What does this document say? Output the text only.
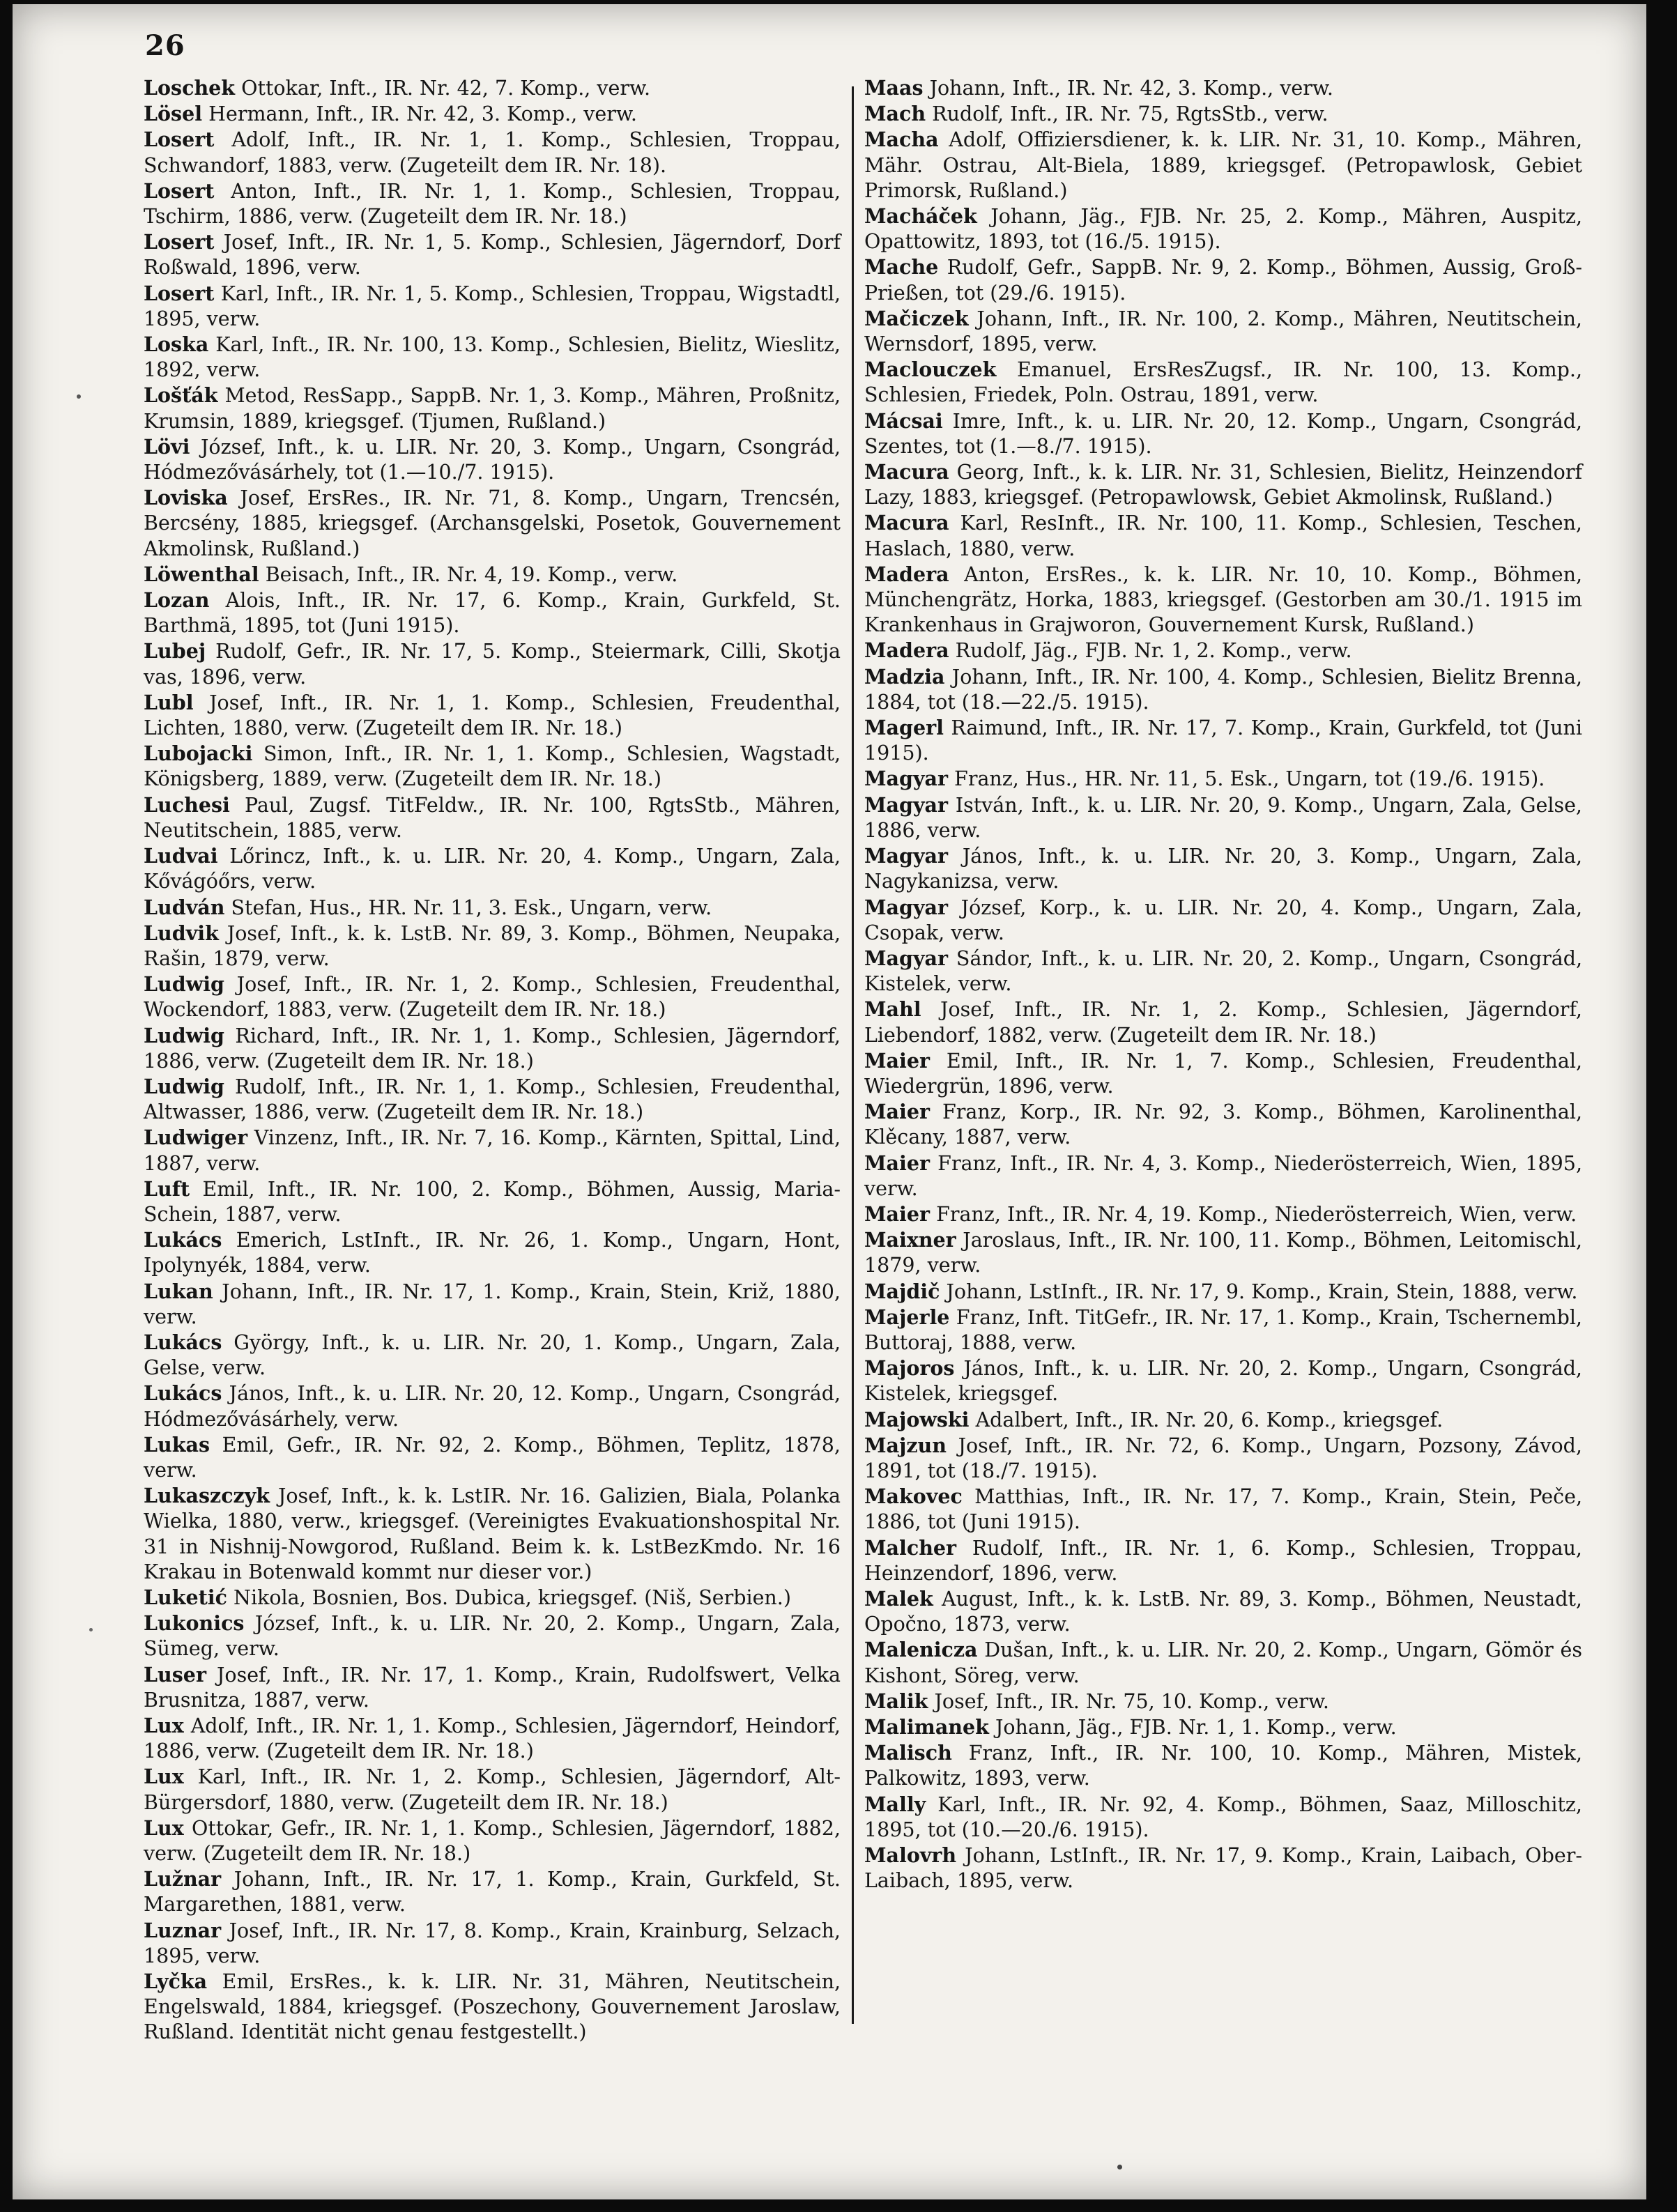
26
Loschek Ottokar, Inft., IR. Nr. 42, 7. Komp., verw.
Lösel Hermann, Inft., IR. Nr. 42, 3. Komp., verw.
Losert Adolf, Inft., IR. Nr. 1, 1. Komp., Schlesien, Troppau, Schwandorf, 1883, verw. (Zugeteilt dem IR. Nr. 18).
Losert Anton, Inft., IR. Nr. 1, 1. Komp., Schlesien, Troppau, Tschirm, 1886, verw. (Zugeteilt dem IR. Nr. 18.)
Losert Josef, Inft., IR. Nr. 1, 5. Komp., Schlesien, Jägerndorf, Dorf Roßwald, 1896, verw.
Losert Karl, Inft., IR. Nr. 1, 5. Komp., Schlesien, Troppau, Wigstadtl, 1895, verw.
Loska Karl, Inft., IR. Nr. 100, 13. Komp., Schlesien, Bielitz, Wieslitz, 1892, verw.
Lošťák Metod, ResSapp., SappB. Nr. 1, 3. Komp., Mähren, Proßnitz, Krumsin, 1889, kriegsgef. (Tjumen, Rußland.)
Lövi József, Inft., k. u. LIR. Nr. 20, 3. Komp., Ungarn, Csongrád, Hódmezővásárhely, tot (1.—10./7. 1915).
Loviska Josef, ErsRes., IR. Nr. 71, 8. Komp., Ungarn, Trencsén, Bercsény, 1885, kriegsgef. (Archansgelski, Posetok, Gouvernement Akmolinsk, Rußland.)
Löwenthal Beisach, Inft., IR. Nr. 4, 19. Komp., verw.
Lozan Alois, Inft., IR. Nr. 17, 6. Komp., Krain, Gurkfeld, St. Barthmä, 1895, tot (Juni 1915).
Lubej Rudolf, Gefr., IR. Nr. 17, 5. Komp., Steiermark, Cilli, Skotja vas, 1896, verw.
Lubl Josef, Inft., IR. Nr. 1, 1. Komp., Schlesien, Freudenthal, Lichten, 1880, verw. (Zugeteilt dem IR. Nr. 18.)
Lubojacki Simon, Inft., IR. Nr. 1, 1. Komp., Schlesien, Wagstadt, Königsberg, 1889, verw. (Zugeteilt dem IR. Nr. 18.)
Luchesi Paul, Zugsf. TitFeldw., IR. Nr. 100, RgtsStb., Mähren, Neutitschein, 1885, verw.
Ludvai Lőrincz, Inft., k. u. LIR. Nr. 20, 4. Komp., Ungarn, Zala, Kővágóőrs, verw.
Ludván Stefan, Hus., HR. Nr. 11, 3. Esk., Ungarn, verw.
Ludvik Josef, Inft., k. k. LstB. Nr. 89, 3. Komp., Böhmen, Neupaka, Rašin, 1879, verw.
Ludwig Josef, Inft., IR. Nr. 1, 2. Komp., Schlesien, Freudenthal, Wockendorf, 1883, verw. (Zugeteilt dem IR. Nr. 18.)
Ludwig Richard, Inft., IR. Nr. 1, 1. Komp., Schlesien, Jägerndorf, 1886, verw. (Zugeteilt dem IR. Nr. 18.)
Ludwig Rudolf, Inft., IR. Nr. 1, 1. Komp., Schlesien, Freudenthal, Altwasser, 1886, verw. (Zugeteilt dem IR. Nr. 18.)
Ludwiger Vinzenz, Inft., IR. Nr. 7, 16. Komp., Kärnten, Spittal, Lind, 1887, verw.
Luft Emil, Inft., IR. Nr. 100, 2. Komp., Böhmen, Aussig, Maria-Schein, 1887, verw.
Lukács Emerich, LstInft., IR. Nr. 26, 1. Komp., Ungarn, Hont, Ipolynyék, 1884, verw.
Lukan Johann, Inft., IR. Nr. 17, 1. Komp., Krain, Stein, Križ, 1880, verw.
Lukács György, Inft., k. u. LIR. Nr. 20, 1. Komp., Ungarn, Zala, Gelse, verw.
Lukács János, Inft., k. u. LIR. Nr. 20, 12. Komp., Ungarn, Csongrád, Hódmezővásárhely, verw.
Lukas Emil, Gefr., IR. Nr. 92, 2. Komp., Böhmen, Teplitz, 1878, verw.
Lukaszczyk Josef, Inft., k. k. LstIR. Nr. 16. Galizien, Biala, Polanka Wielka, 1880, verw., kriegsgef. (Vereinigtes Evakuationshospital Nr. 31 in Nishnij-Nowgorod, Rußland. Beim k. k. LstBezKmdo. Nr. 16 Krakau in Botenwald kommt nur dieser vor.)
Luketić Nikola, Bosnien, Bos. Dubica, kriegsgef. (Niš, Serbien.)
Lukonics József, Inft., k. u. LIR. Nr. 20, 2. Komp., Ungarn, Zala, Sümeg, verw.
Luser Josef, Inft., IR. Nr. 17, 1. Komp., Krain, Rudolfswert, Velka Brusnitza, 1887, verw.
Lux Adolf, Inft., IR. Nr. 1, 1. Komp., Schlesien, Jägerndorf, Heindorf, 1886, verw. (Zugeteilt dem IR. Nr. 18.)
Lux Karl, Inft., IR. Nr. 1, 2. Komp., Schlesien, Jägerndorf, Alt-Bürgersdorf, 1880, verw. (Zugeteilt dem IR. Nr. 18.)
Lux Ottokar, Gefr., IR. Nr. 1, 1. Komp., Schlesien, Jägerndorf, 1882, verw. (Zugeteilt dem IR. Nr. 18.)
Lužnar Johann, Inft., IR. Nr. 17, 1. Komp., Krain, Gurkfeld, St. Margarethen, 1881, verw.
Luznar Josef, Inft., IR. Nr. 17, 8. Komp., Krain, Krainburg, Selzach, 1895, verw.
Lyčka Emil, ErsRes., k. k. LIR. Nr. 31, Mähren, Neutitschein, Engelswald, 1884, kriegsgef. (Poszechony, Gouvernement Jaroslaw, Rußland. Identität nicht genau festgestellt.)
Maas Johann, Inft., IR. Nr. 42, 3. Komp., verw.
Mach Rudolf, Inft., IR. Nr. 75, RgtsStb., verw.
Macha Adolf, Offiziersdiener, k. k. LIR. Nr. 31, 10. Komp., Mähren, Mähr. Ostrau, Alt-Biela, 1889, kriegsgef. (Petropawlosk, Gebiet Primorsk, Rußland.)
Macháček Johann, Jäg., FJB. Nr. 25, 2. Komp., Mähren, Auspitz, Opattowitz, 1893, tot (16./5. 1915).
Mache Rudolf, Gefr., SappB. Nr. 9, 2. Komp., Böhmen, Aussig, Groß-Prießen, tot (29./6. 1915).
Mačiczek Johann, Inft., IR. Nr. 100, 2. Komp., Mähren, Neutitschein, Wernsdorf, 1895, verw.
Maclouczek Emanuel, ErsResZugsf., IR. Nr. 100, 13. Komp., Schlesien, Friedek, Poln. Ostrau, 1891, verw.
Mácsai Imre, Inft., k. u. LIR. Nr. 20, 12. Komp., Ungarn, Csongrád, Szentes, tot (1.—8./7. 1915).
Macura Georg, Inft., k. k. LIR. Nr. 31, Schlesien, Bielitz, Heinzendorf Lazy, 1883, kriegsgef. (Petropawlowsk, Gebiet Akmolinsk, Rußland.)
Macura Karl, ResInft., IR. Nr. 100, 11. Komp., Schlesien, Teschen, Haslach, 1880, verw.
Madera Anton, ErsRes., k. k. LIR. Nr. 10, 10. Komp., Böhmen, Münchengrätz, Horka, 1883, kriegsgef. (Gestorben am 30./1. 1915 im Krankenhaus in Grajworon, Gouvernement Kursk, Rußland.)
Madera Rudolf, Jäg., FJB. Nr. 1, 2. Komp., verw.
Madzia Johann, Inft., IR. Nr. 100, 4. Komp., Schlesien, Bielitz Brenna, 1884, tot (18.—22./5. 1915).
Magerl Raimund, Inft., IR. Nr. 17, 7. Komp., Krain, Gurkfeld, tot (Juni 1915).
Magyar Franz, Hus., HR. Nr. 11, 5. Esk., Ungarn, tot (19./6. 1915).
Magyar István, Inft., k. u. LIR. Nr. 20, 9. Komp., Ungarn, Zala, Gelse, 1886, verw.
Magyar János, Inft., k. u. LIR. Nr. 20, 3. Komp., Ungarn, Zala, Nagykanizsa, verw.
Magyar József, Korp., k. u. LIR. Nr. 20, 4. Komp., Ungarn, Zala, Csopak, verw.
Magyar Sándor, Inft., k. u. LIR. Nr. 20, 2. Komp., Ungarn, Csongrád, Kistelek, verw.
Mahl Josef, Inft., IR. Nr. 1, 2. Komp., Schlesien, Jägerndorf, Liebendorf, 1882, verw. (Zugeteilt dem IR. Nr. 18.)
Maier Emil, Inft., IR. Nr. 1, 7. Komp., Schlesien, Freudenthal, Wiedergrün, 1896, verw.
Maier Franz, Korp., IR. Nr. 92, 3. Komp., Böhmen, Karolinenthal, Klěcany, 1887, verw.
Maier Franz, Inft., IR. Nr. 4, 3. Komp., Niederösterreich, Wien, 1895, verw.
Maier Franz, Inft., IR. Nr. 4, 19. Komp., Niederösterreich, Wien, verw.
Maixner Jaroslaus, Inft., IR. Nr. 100, 11. Komp., Böhmen, Leitomischl, 1879, verw.
Majdič Johann, LstInft., IR. Nr. 17, 9. Komp., Krain, Stein, 1888, verw.
Majerle Franz, Inft. TitGefr., IR. Nr. 17, 1. Komp., Krain, Tschernembl, Buttoraj, 1888, verw.
Majoros János, Inft., k. u. LIR. Nr. 20, 2. Komp., Ungarn, Csongrád, Kistelek, kriegsgef.
Majowski Adalbert, Inft., IR. Nr. 20, 6. Komp., kriegsgef.
Majzun Josef, Inft., IR. Nr. 72, 6. Komp., Ungarn, Pozsony, Závod, 1891, tot (18./7. 1915).
Makovec Matthias, Inft., IR. Nr. 17, 7. Komp., Krain, Stein, Peče, 1886, tot (Juni 1915).
Malcher Rudolf, Inft., IR. Nr. 1, 6. Komp., Schlesien, Troppau, Heinzendorf, 1896, verw.
Malek August, Inft., k. k. LstB. Nr. 89, 3. Komp., Böhmen, Neustadt, Opočno, 1873, verw.
Malenicza Dušan, Inft., k. u. LIR. Nr. 20, 2. Komp., Ungarn, Gömör és Kishont, Söreg, verw.
Malik Josef, Inft., IR. Nr. 75, 10. Komp., verw.
Malimanek Johann, Jäg., FJB. Nr. 1, 1. Komp., verw.
Malisch Franz, Inft., IR. Nr. 100, 10. Komp., Mähren, Mistek, Palkowitz, 1893, verw.
Mally Karl, Inft., IR. Nr. 92, 4. Komp., Böhmen, Saaz, Milloschitz, 1895, tot (10.—20./6. 1915).
Malovrh Johann, LstInft., IR. Nr. 17, 9. Komp., Krain, Laibach, Ober-Laibach, 1895, verw.
